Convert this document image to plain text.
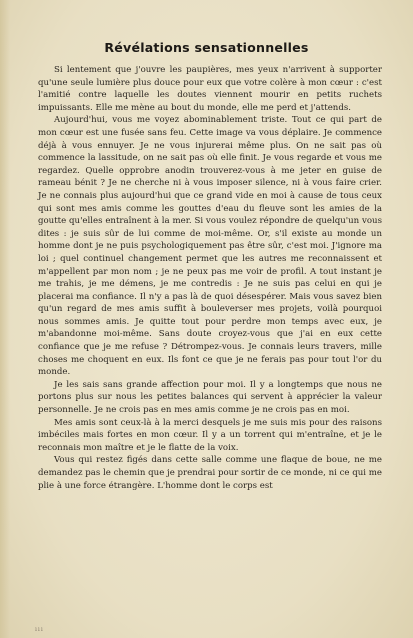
Révélations sensationnelles

Si lentement que j'ouvre les paupières, mes yeux n'arrivent à supporter qu'une seule lumière plus douce pour eux que votre colère à mon cœur : c'est l'amitié contre laquelle les doutes viennent mourir en petits ruchets impuissants. Elle me mène au bout du monde, elle me perd et j'attends.

Aujourd'hui, vous me voyez abominablement triste. Tout ce qui part de mon cœur est une fusée sans feu. Cette image va vous déplaire. Je commence déjà à vous ennuyer. Je ne vous injurerai même plus. On ne sait pas où commence la lassitude, on ne sait pas où elle finit. Je vous regarde et vous me regardez. Quelle opprobre anodin trouverez-vous à me jeter en guise de rameau bénit ? Je ne cherche ni à vous imposer silence, ni à vous faire crier. Je ne connais plus aujourd'hui que ce grand vide en moi à cause de tous ceux qui sont mes amis comme les gouttes d'eau du fleuve sont les amies de la goutte qu'elles entraînent à la mer. Si vous voulez répondre de quelqu'un vous dites : je suis sûr de lui comme de moi-même. Or, s'il existe au monde un homme dont je ne puis psychologiquement pas être sûr, c'est moi. J'ignore ma loi ; quel continuel changement permet que les autres me reconnaissent et m'appellent par mon nom ; je ne peux pas me voir de profil. A tout instant je me trahis, je me démens, je me contredis : Je ne suis pas celui en qui je placerai ma confiance. Il n'y a pas là de quoi désespérer. Mais vous savez bien qu'un regard de mes amis suffit à bouleverser mes projets, voilà pourquoi nous sommes amis. Je quitte tout pour perdre mon temps avec eux, je m'abandonne moi-même. Sans doute croyez-vous que j'ai en eux cette confiance que je me refuse ? Détrompez-vous. Je connais leurs travers, mille choses me choquent en eux. Ils font ce que je ne ferais pas pour tout l'or du monde.

Je les sais sans grande affection pour moi. Il y a longtemps que nous ne portons plus sur nous les petites balances qui servent à apprécier la valeur personnelle. Je ne crois pas en mes amis comme je ne crois pas en moi.

Mes amis sont ceux-là à la merci desquels je me suis mis pour des raisons imbéciles mais fortes en mon cœur. Il y a un torrent qui m'entraîne, et je le reconnais mon maître et je le flatte de la voix.

Vous qui restez figés dans cette salle comme une flaque de boue, ne me demandez pas le chemin que je prendrai pour sortir de ce monde, ni ce qui me plie à une force étrangère. L'homme dont le corps est

ııı
